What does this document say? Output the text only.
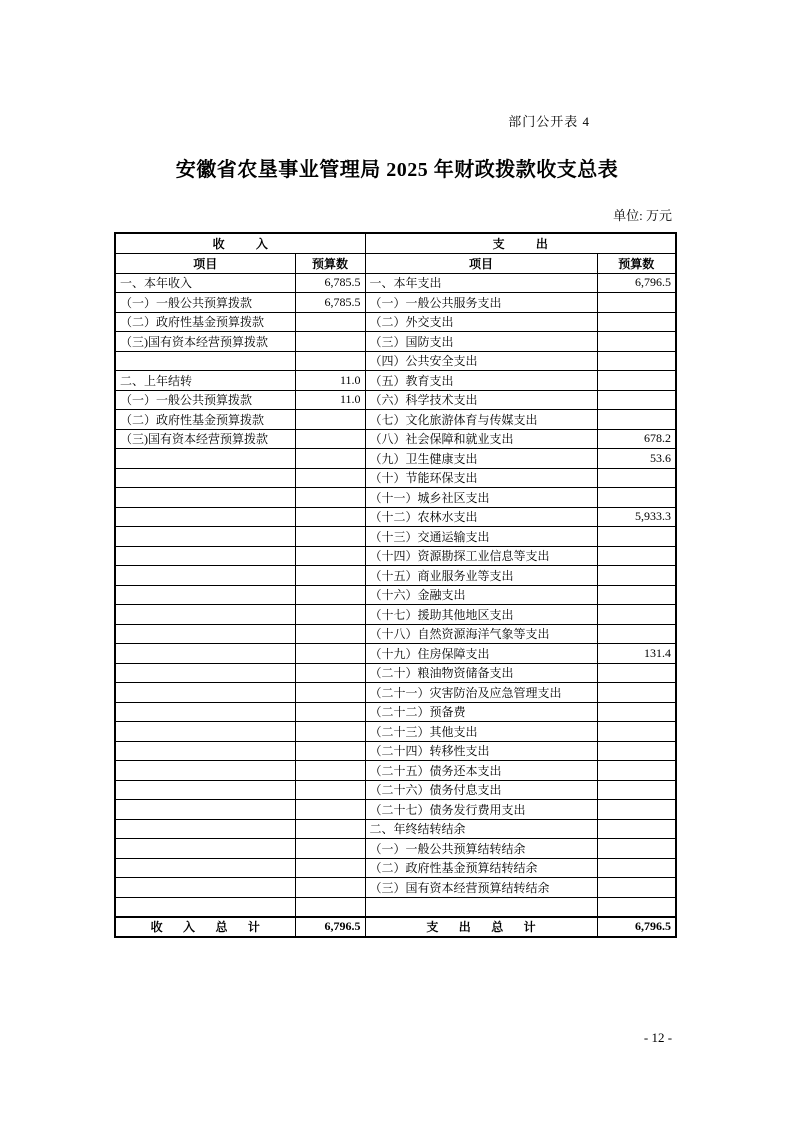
部门公开表 4
安徽省农垦事业管理局 2025 年财政拨款收支总表
单位: 万元
收入		支出	
项目	预算数	项目	预算数
一、本年收入	6,785.5	一、本年支出	6,796.5
（一）一般公共预算拨款	6,785.5	（一）一般公共服务支出	
（二）政府性基金预算拨款		（二）外交支出	
（三)国有资本经营预算拨款		（三）国防支出	
		（四）公共安全支出	
二、上年结转	11.0	（五）教育支出	
（一）一般公共预算拨款	11.0	（六）科学技术支出	
（二）政府性基金预算拨款		（七）文化旅游体育与传媒支出	
（三)国有资本经营预算拨款		（八）社会保障和就业支出	678.2
		（九）卫生健康支出	53.6
		（十）节能环保支出	
		（十一）城乡社区支出	
		（十二）农林水支出	5,933.3
		（十三）交通运输支出	
		（十四）资源勘探工业信息等支出	
		（十五）商业服务业等支出	
		（十六）金融支出	
		（十七）援助其他地区支出	
		（十八）自然资源海洋气象等支出	
		（十九）住房保障支出	131.4
		（二十）粮油物资储备支出	
		（二十一）灾害防治及应急管理支出	
		（二十二）预备费	
		（二十三）其他支出	
		（二十四）转移性支出	
		（二十五）债务还本支出	
		（二十六）债务付息支出	
		（二十七）债务发行费用支出	
		二、年终结转结余	
		（一）一般公共预算结转结余	
		（二）政府性基金预算结转结余	
		（三）国有资本经营预算结转结余	

收入总计	6,796.5	支出总计	6,796.5
- 12 -
